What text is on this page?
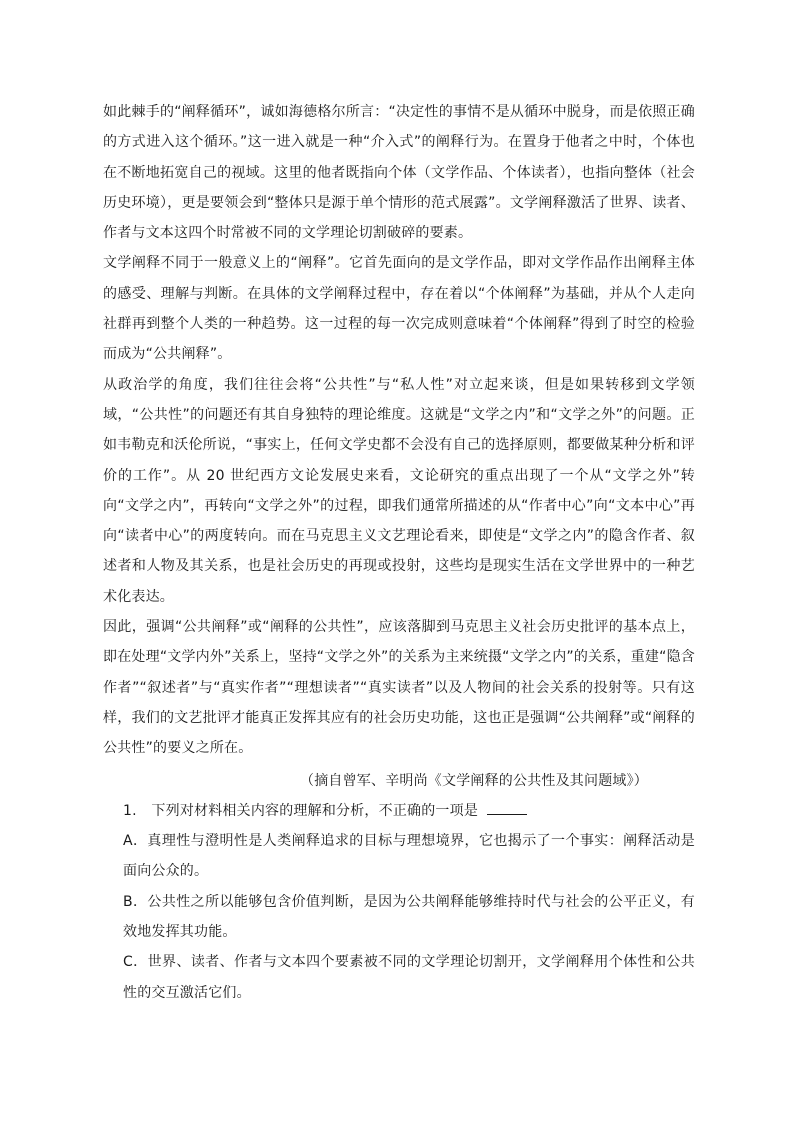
如此棘手的“阐释循环”，诚如海德格尔所言：“决定性的事情不是从循环中脱身，而是依照正确的方式进入这个循环。”这一进入就是一种“介入式”的阐释行为。在置身于他者之中时，个体也在不断地拓宽自己的视域。这里的他者既指向个体（文学作品、个体读者），也指向整体（社会历史环境），更是要领会到“整体只是源于单个情形的范式展露”。文学阐释激活了世界、读者、作者与文本这四个时常被不同的文学理论切割破碎的要素。

文学阐释不同于一般意义上的“阐释”。它首先面向的是文学作品，即对文学作品作出阐释主体的感受、理解与判断。在具体的文学阐释过程中，存在着以“个体阐释”为基础，并从个人走向社群再到整个人类的一种趋势。这一过程的每一次完成则意味着“个体阐释”得到了时空的检验而成为“公共阐释”。

从政治学的角度，我们往往会将“公共性”与“私人性”对立起来谈，但是如果转移到文学领域，“公共性”的问题还有其自身独特的理论维度。这就是“文学之内”和“文学之外”的问题。正如韦勒克和沃伦所说，“事实上，任何文学史都不会没有自己的选择原则，都要做某种分析和评价的工作”。从 20 世纪西方文论发展史来看，文论研究的重点出现了一个从“文学之外”转向“文学之内”，再转向“文学之外”的过程，即我们通常所描述的从“作者中心”向“文本中心”再向“读者中心”的两度转向。而在马克思主义文艺理论看来，即使是“文学之内”的隐含作者、叙述者和人物及其关系，也是社会历史的再现或投射，这些均是现实生活在文学世界中的一种艺术化表达。

因此，强调“公共阐释”或“阐释的公共性”，应该落脚到马克思主义社会历史批评的基本点上，即在处理“文学内外”关系上，坚持“文学之外”的关系为主来统摄“文学之内”的关系，重建“隐含作者”“叙述者”与“真实作者”“理想读者”“真实读者”以及人物间的社会关系的投射等。只有这样，我们的文艺批评才能真正发挥其应有的社会历史功能，这也正是强调“公共阐释”或“阐释的公共性”的要义之所在。

（摘自曾军、辛明尚《文学阐释的公共性及其问题域》）

1. 下列对材料相关内容的理解和分析，不正确的一项是

A．真理性与澄明性是人类阐释追求的目标与理想境界，它也揭示了一个事实：阐释活动是面向公众的。

B．公共性之所以能够包含价值判断，是因为公共阐释能够维持时代与社会的公平正义，有效地发挥其功能。

C．世界、读者、作者与文本四个要素被不同的文学理论切割开，文学阐释用个体性和公共性的交互激活它们。
